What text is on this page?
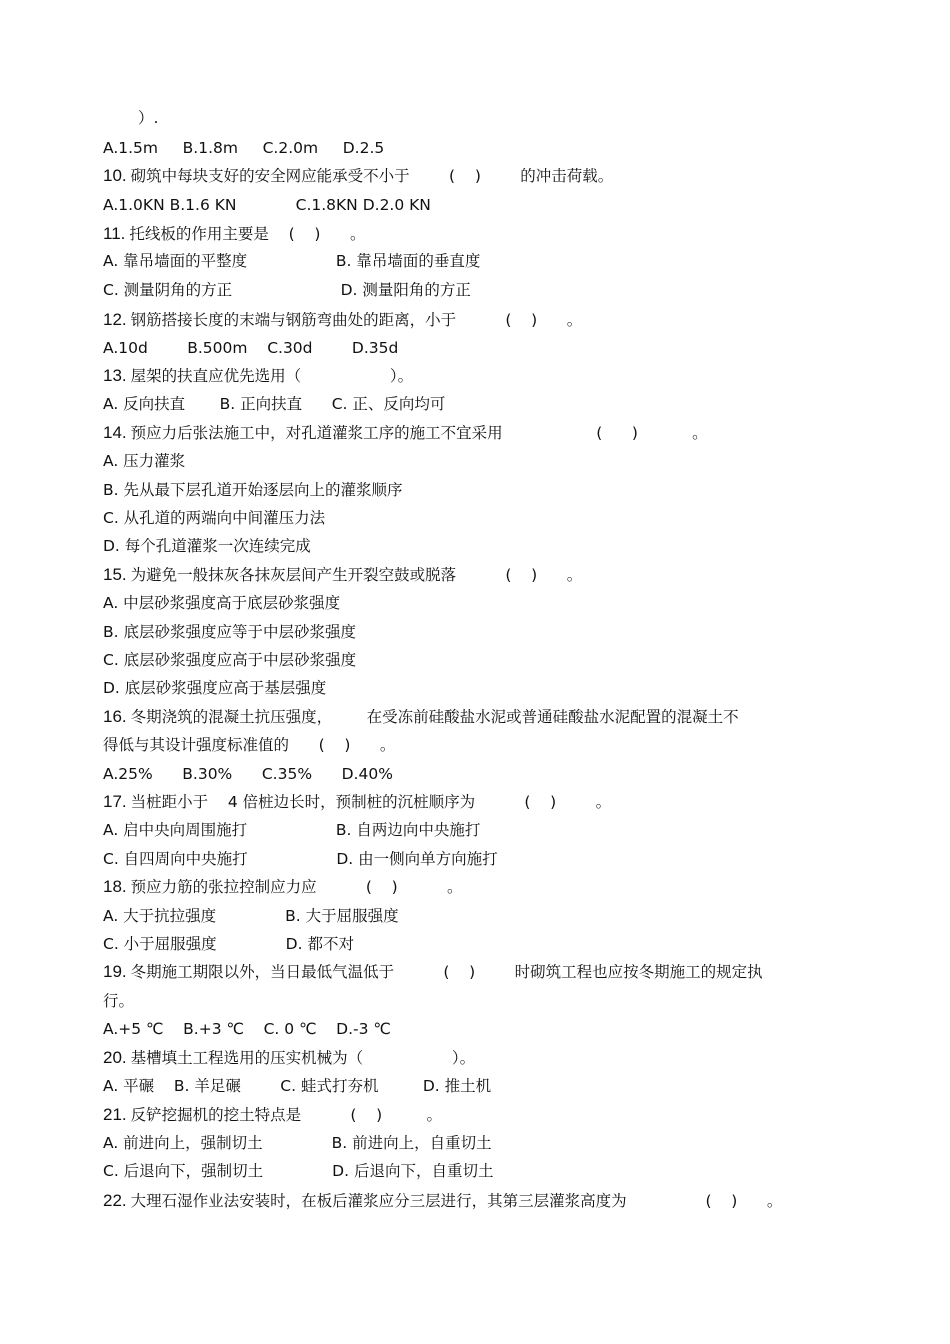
）.
A.1.5m     B.1.8m     C.2.0m     D.2.5
10. 砌筑中每块支好的安全网应能承受不小于        (    )        的冲击荷载。
A.1.0KN B.1.6 KN            C.1.8KN D.2.0 KN
11. 托线板的作用主要是    (    )      。
A. 靠吊墙面的平整度                  B. 靠吊墙面的垂直度
C. 测量阴角的方正                      D. 测量阳角的方正
12. 钢筋搭接长度的末端与钢筋弯曲处的距离，小于          (    )      。
A.10d        B.500m    C.30d        D.35d
13. 屋架的扶直应优先选用（                  ）。
A. 反向扶直       B. 正向扶直      C. 正、反向均可
14. 预应力后张法施工中，对孔道灌浆工序的施工不宜采用                   (      )           。
A. 压力灌浆
B. 先从最下层孔道开始逐层向上的灌浆顺序
C. 从孔道的两端向中间灌压力法
D. 每个孔道灌浆一次连续完成
15. 为避免一般抹灰各抹灰层间产生开裂空鼓或脱落          (    )      。
A. 中层砂浆强度高于底层砂浆强度
B. 底层砂浆强度应等于中层砂浆强度
C. 底层砂浆强度应高于中层砂浆强度
D. 底层砂浆强度应高于基层强度
16. 冬期浇筑的混凝土抗压强度，       在受冻前硅酸盐水泥或普通硅酸盐水泥配置的混凝土不
得低与其设计强度标准值的      (    )      。
A.25%      B.30%      C.35%      D.40%
17. 当桩距小于    4 倍桩边长时，预制桩的沉桩顺序为          (    )        。
A. 启中央向周围施打                  B. 自两边向中央施打
C. 自四周向中央施打                  D. 由一侧向单方向施打
18. 预应力筋的张拉控制应力应          (    )          。
A. 大于抗拉强度              B. 大于屈服强度
C. 小于屈服强度              D. 都不对
19. 冬期施工期限以外，当日最低气温低于          (    )        时砌筑工程也应按冬期施工的规定执
行。
A.+5 ℃    B.+3 ℃    C. 0 ℃    D.-3 ℃
20. 基槽填土工程选用的压实机械为（                  ）。
A. 平碾    B. 羊足碾        C. 蛙式打夯机         D. 推土机
21. 反铲挖掘机的挖土特点是          (    )         。
A. 前进向上，强制切土              B. 前进向上，自重切土
C. 后退向下，强制切土              D. 后退向下，自重切土
22. 大理石湿作业法安装时，在板后灌浆应分三层进行，其第三层灌浆高度为                (    )      。
